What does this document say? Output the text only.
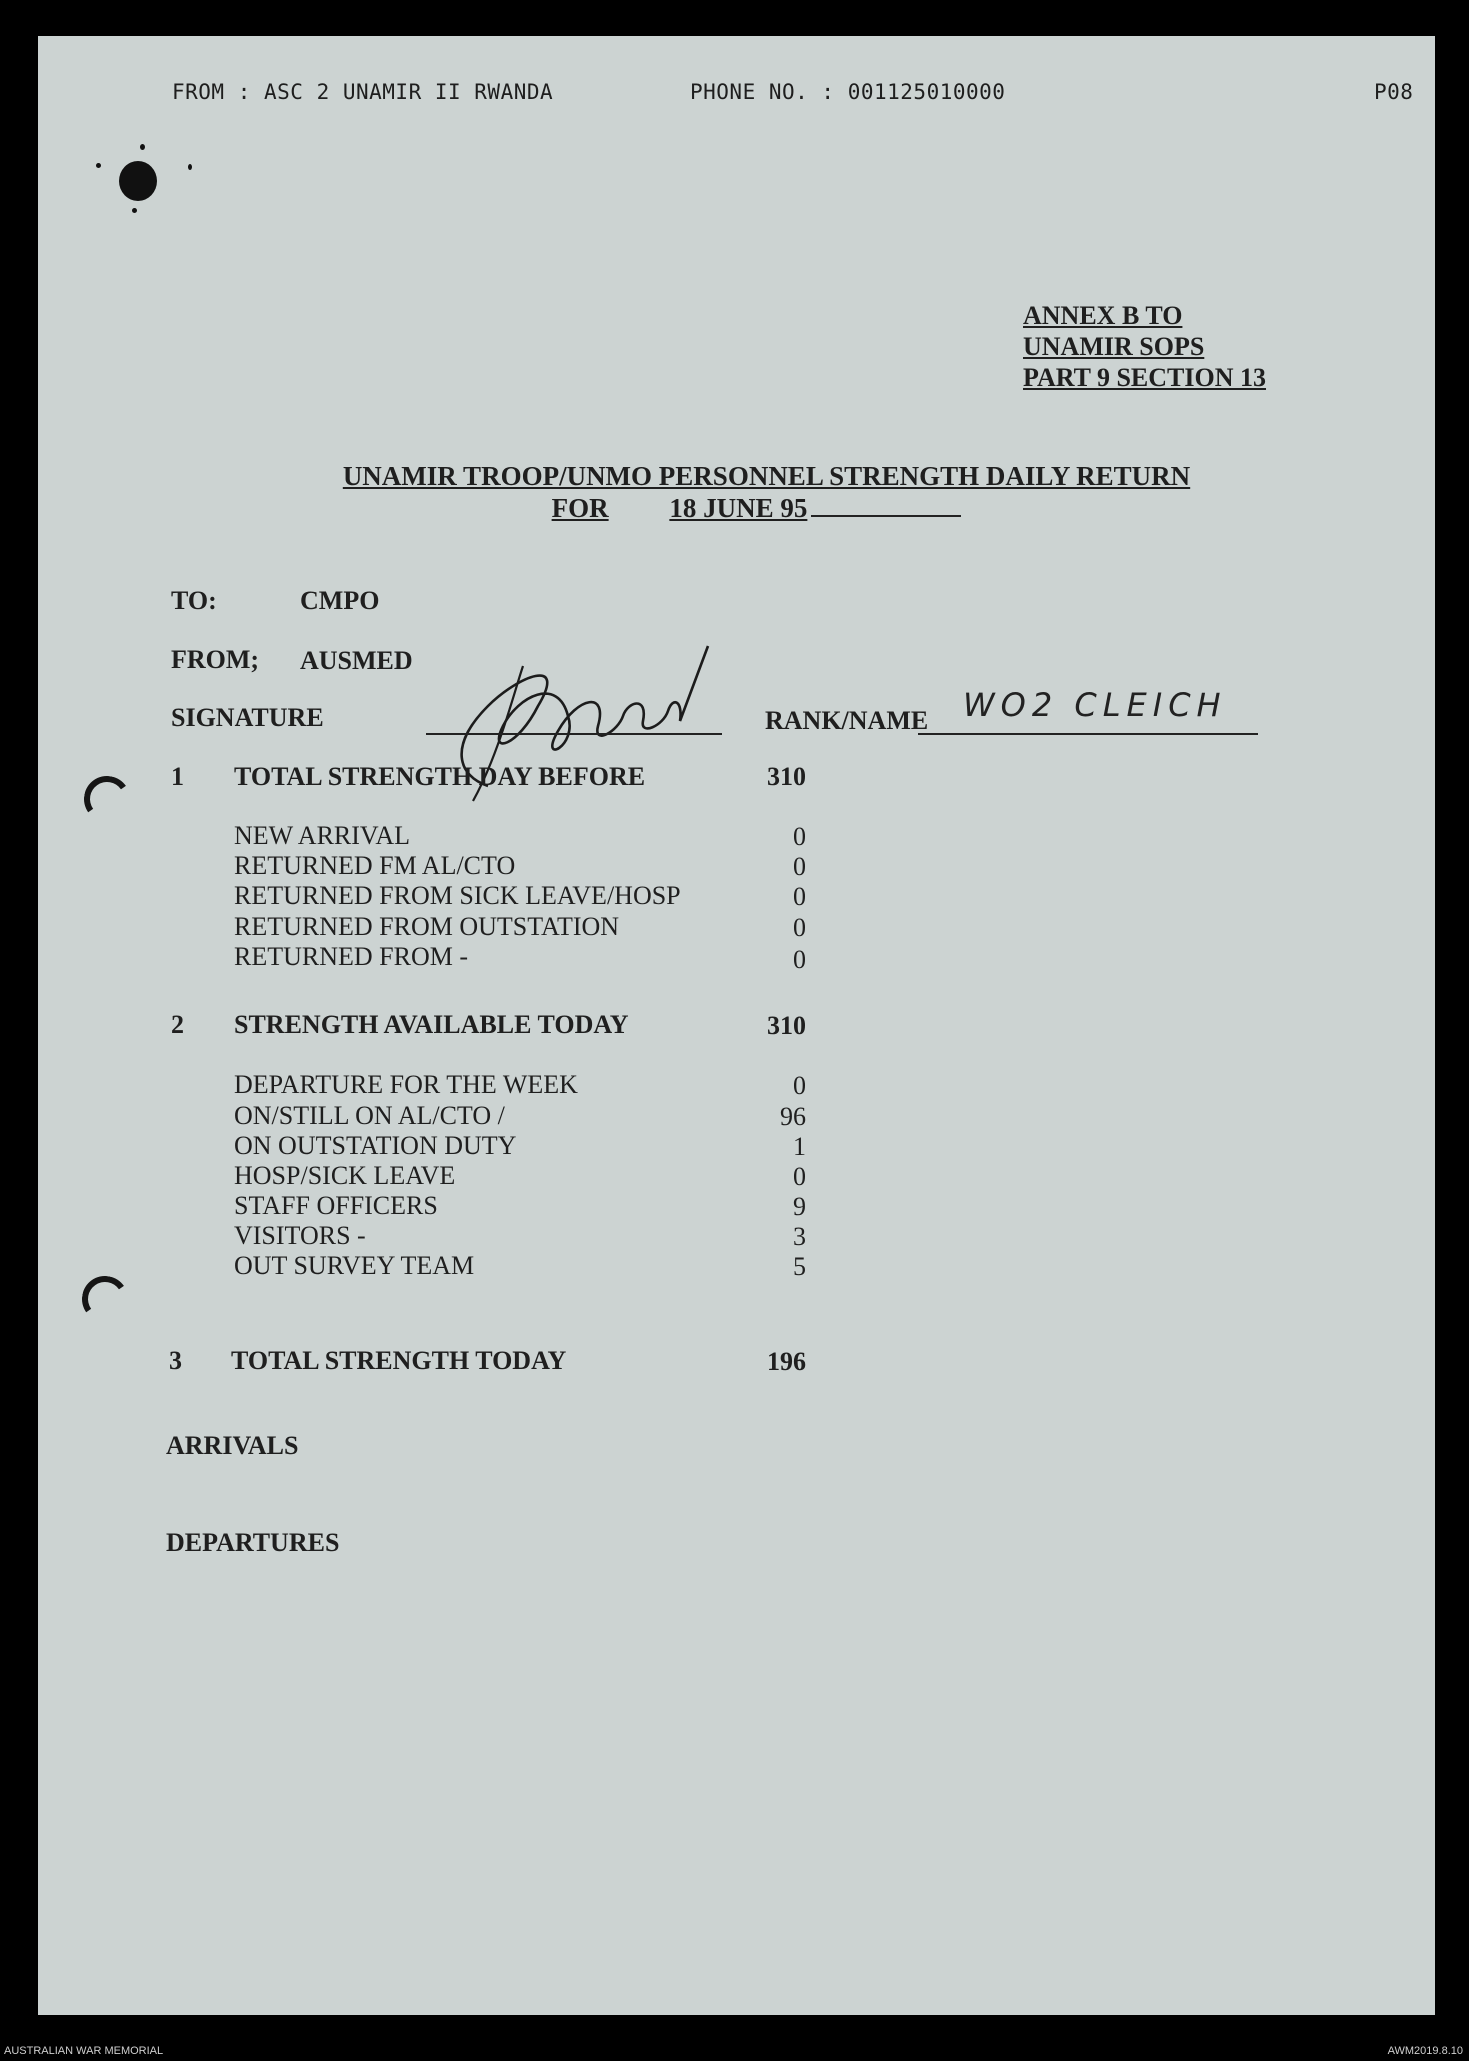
FROM : ASC 2 UNAMIR II RWANDA	PHONE NO. : 001125010000	P08
ANNEX B TO
UNAMIR SOPS
PART 9 SECTION 13
UNAMIR TROOP/UNMO PERSONNEL STRENGTH DAILY RETURN
FOR 18 JUNE 95
TO:	CMPO
FROM; AUSMED
SIGNATURE	RANK/NAME WO2 CLEICH
1 TOTAL STRENGTH DAY BEFORE	310
NEW ARRIVAL	0
RETURNED FM AL/CTO	0
RETURNED FROM SICK LEAVE/HOSP	0
RETURNED FROM OUTSTATION	0
RETURNED FROM -	0
2 STRENGTH AVAILABLE TODAY	310
DEPARTURE FOR THE WEEK	0
ON/STILL ON AL/CTO /	96
ON OUTSTATION DUTY	1
HOSP/SICK LEAVE	0
STAFF OFFICERS	9
VISITORS -	3
OUT SURVEY TEAM	5
3 TOTAL STRENGTH TODAY	196
ARRIVALS
DEPARTURES
AUSTRALIAN WAR MEMORIAL	AWM2019.8.10
